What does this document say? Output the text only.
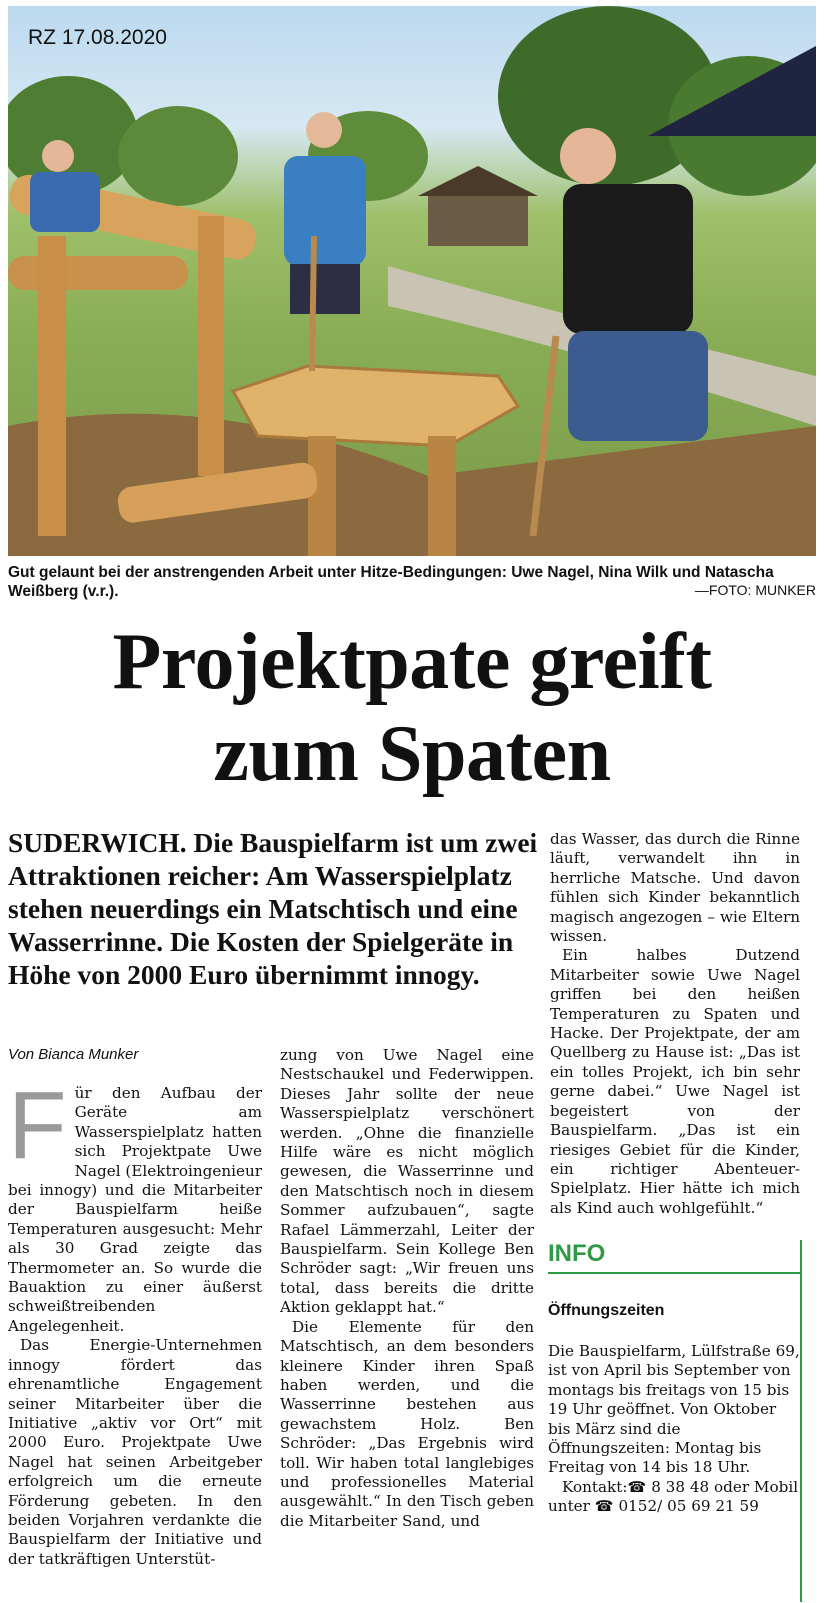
RZ 17.08.2020
Gut gelaunt bei der anstrengenden Arbeit unter Hitze-Bedingungen: Uwe Nagel, Nina Wilk und Natascha Weißberg (v.r.).	—FOTO: MUNKER
Projektpate greift
zum Spaten
SUDERWICH. Die Bauspielfarm ist um zwei Attraktionen reicher: Am Wasserspielplatz stehen neuerdings ein Matschtisch und eine Wasserrinne. Die Kosten der Spielgeräte in Höhe von 2000 Euro übernimmt innogy.
Von Bianca Munker

Für den Aufbau der Geräte am Wasserspielplatz hatten sich Projektpate Uwe Nagel (Elektroingenieur bei innogy) und die Mitarbeiter der Bauspielfarm heiße Temperaturen ausgesucht: Mehr als 30 Grad zeigte das Thermometer an. So wurde die Bauaktion zu einer äußerst schweißtreibenden Angelegenheit.

Das Energie-Unternehmen innogy fördert das ehrenamtliche Engagement seiner Mitarbeiter über die Initiative „aktiv vor Ort“ mit 2000 Euro. Projektpate Uwe Nagel hat seinen Arbeitgeber erfolgreich um die erneute Förderung gebeten. In den beiden Vorjahren verdankte die Bauspielfarm der Initiative und der tatkräftigen Unterstüt-

zung von Uwe Nagel eine Nestschaukel und Federwippen. Dieses Jahr sollte der neue Wasserspielplatz verschönert werden. „Ohne die finanzielle Hilfe wäre es nicht möglich gewesen, die Wasserrinne und den Matschtisch noch in diesem Sommer aufzubauen“, sagte Rafael Lämmerzahl, Leiter der Bauspielfarm. Sein Kollege Ben Schröder sagt: „Wir freuen uns total, dass bereits die dritte Aktion geklappt hat.“

Die Elemente für den Matschtisch, an dem besonders kleinere Kinder ihren Spaß haben werden, und die Wasserrinne bestehen aus gewachstem Holz. Ben Schröder: „Das Ergebnis wird toll. Wir haben total langlebiges und professionelles Material ausgewählt.“ In den Tisch geben die Mitarbeiter Sand, und

das Wasser, das durch die Rinne läuft, verwandelt ihn in herrliche Matsche. Und davon fühlen sich Kinder bekanntlich magisch angezogen – wie Eltern wissen.

Ein halbes Dutzend Mitarbeiter sowie Uwe Nagel griffen bei den heißen Temperaturen zu Spaten und Hacke. Der Projektpate, der am Quellberg zu Hause ist: „Das ist ein tolles Projekt, ich bin sehr gerne dabei.“ Uwe Nagel ist begeistert von der Bauspielfarm. „Das ist ein riesiges Gebiet für die Kinder, ein richtiger Abenteuer-Spielplatz. Hier hätte ich mich als Kind auch wohlgefühlt.“

INFO
Öffnungszeiten

Die Bauspielfarm, Lülfstraße 69, ist von April bis September von montags bis freitags von 15 bis 19 Uhr geöffnet. Von Oktober bis März sind die Öffnungszeiten: Montag bis Freitag von 14 bis 18 Uhr.

Kontakt:☎ 8 38 48 oder Mobil unter ☎ 0152/ 05 69 21 59
